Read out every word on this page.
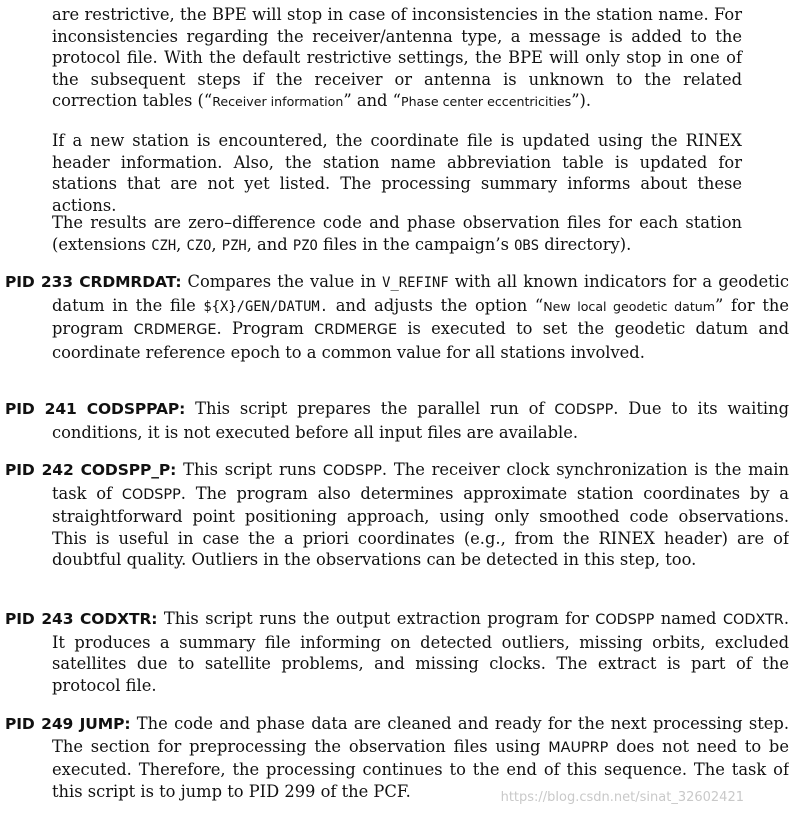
are restrictive, the BPE will stop in case of inconsistencies in the station name. For inconsistencies regarding the receiver/antenna type, a message is added to the protocol file. With the default restrictive settings, the BPE will only stop in one of the subsequent steps if the receiver or antenna is unknown to the related correction tables (“Receiver information” and “Phase center eccentricities”).

If a new station is encountered, the coordinate file is updated using the RINEX header information. Also, the station name abbreviation table is updated for stations that are not yet listed. The processing summary informs about these actions.

The results are zero–difference code and phase observation files for each station (extensions CZH, CZO, PZH, and PZO files in the campaign’s OBS directory).

PID 233 CRDMRDAT: Compares the value in V_REFINF with all known indicators for a geodetic datum in the file ${X}/GEN/DATUM. and adjusts the option “New local geodetic datum” for the program CRDMERGE. Program CRDMERGE is executed to set the geodetic datum and coordinate reference epoch to a common value for all stations involved.

PID 241 CODSPPAP: This script prepares the parallel run of CODSPP. Due to its waiting conditions, it is not executed before all input files are available.

PID 242 CODSPP_P: This script runs CODSPP. The receiver clock synchronization is the main task of CODSPP. The program also determines approximate station coordinates by a straightforward point positioning approach, using only smoothed code observations. This is useful in case the a priori coordinates (e.g., from the RINEX header) are of doubtful quality. Outliers in the observations can be detected in this step, too.

PID 243 CODXTR: This script runs the output extraction program for CODSPP named CODXTR. It produces a summary file informing on detected outliers, missing orbits, excluded satellites due to satellite problems, and missing clocks. The extract is part of the protocol file.

PID 249 JUMP: The code and phase data are cleaned and ready for the next processing step. The section for preprocessing the observation files using MAUPRP does not need to be executed. Therefore, the processing continues to the end of this sequence. The task of this script is to jump to PID 299 of the PCF.	https://blog.csdn.net/sinat_32602421
